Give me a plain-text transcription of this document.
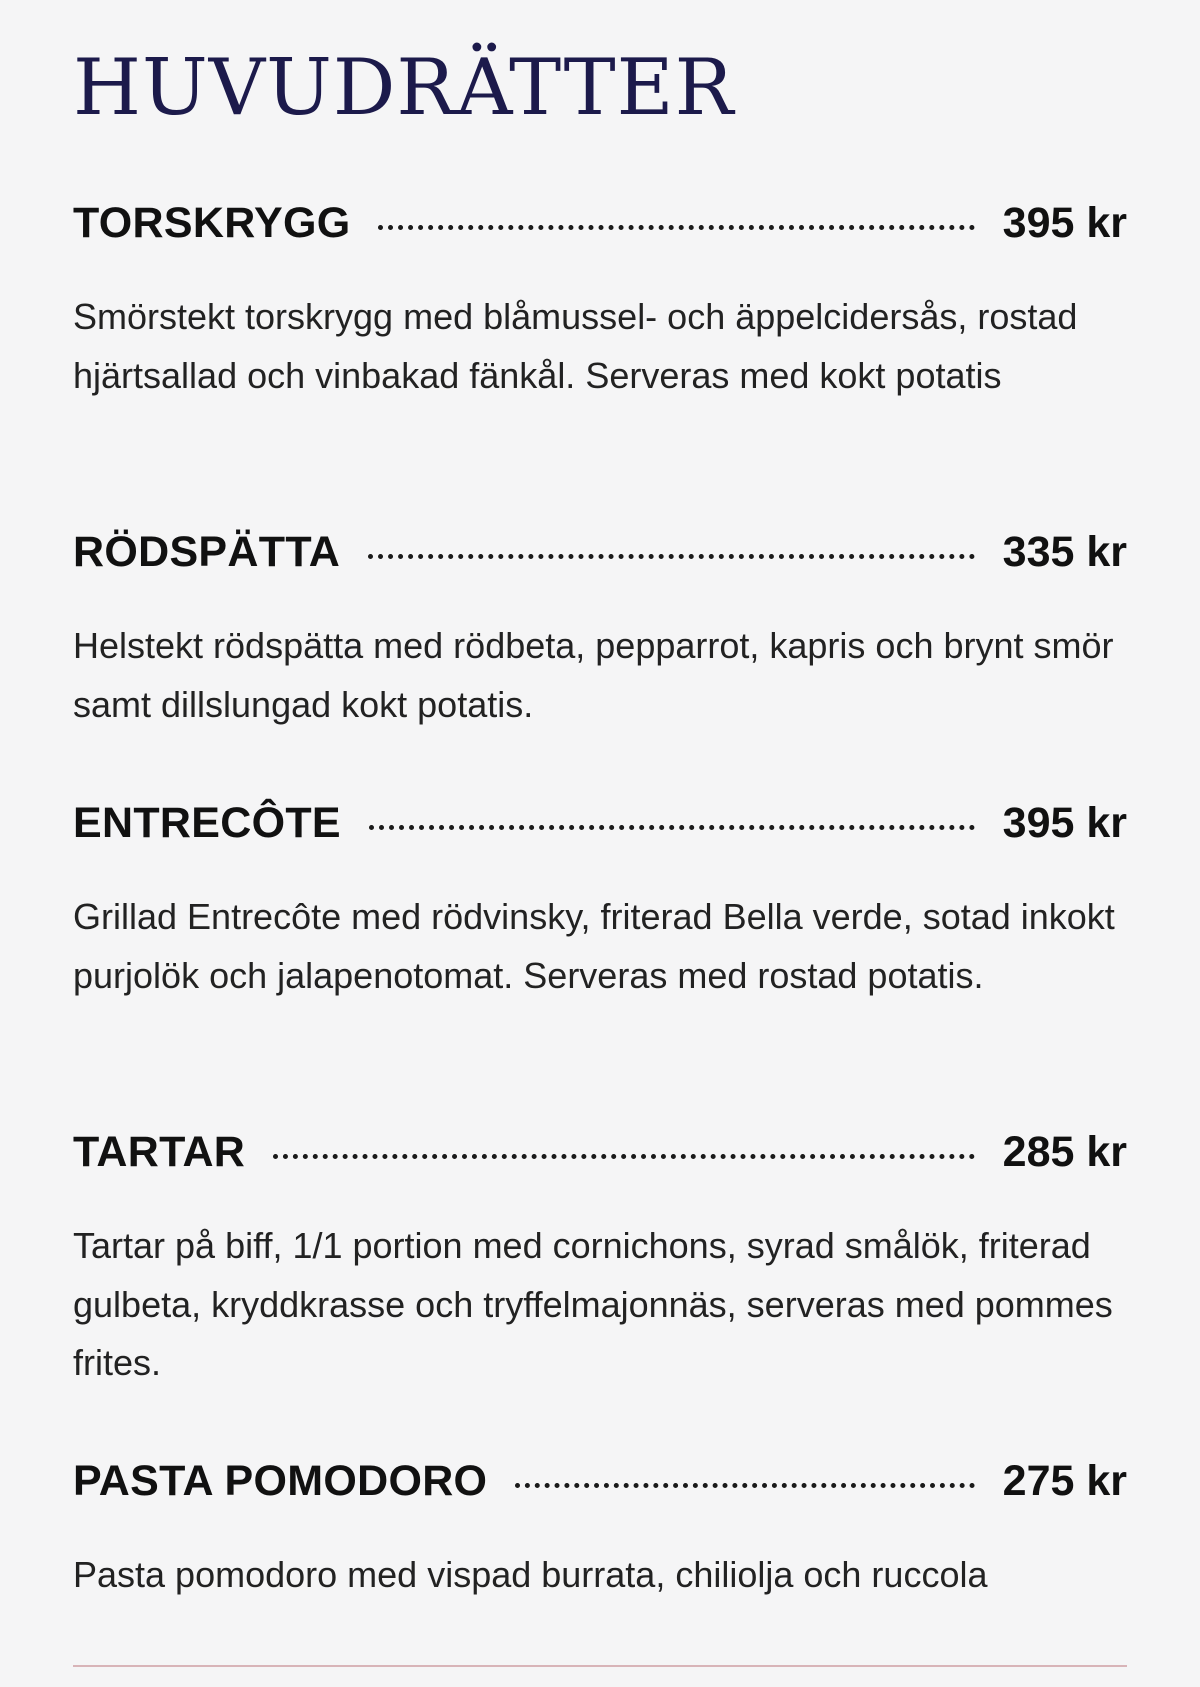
HUVUDRÄTTER
TORSKRYGG	395 kr

Smörstekt torskrygg med blåmussel- och äppelcidersås, rostad hjärtsallad och vinbakad fänkål. Serveras med kokt potatis

RÖDSPÄTTA	335 kr

Helstekt rödspätta med rödbeta, pepparrot, kapris och brynt smör samt dillslungad kokt potatis.

ENTRECÔTE	395 kr

Grillad Entrecôte med rödvinsky, friterad Bella verde, sotad inkokt purjolök och jalapenotomat. Serveras med rostad potatis.

TARTAR	285 kr

Tartar på biff, 1/1 portion med cornichons, syrad smålök, friterad gulbeta, kryddkrasse och tryffelmajonnäs, serveras med pommes frites.

PASTA POMODORO	275 kr

Pasta pomodoro med vispad burrata, chiliolja och ruccola
